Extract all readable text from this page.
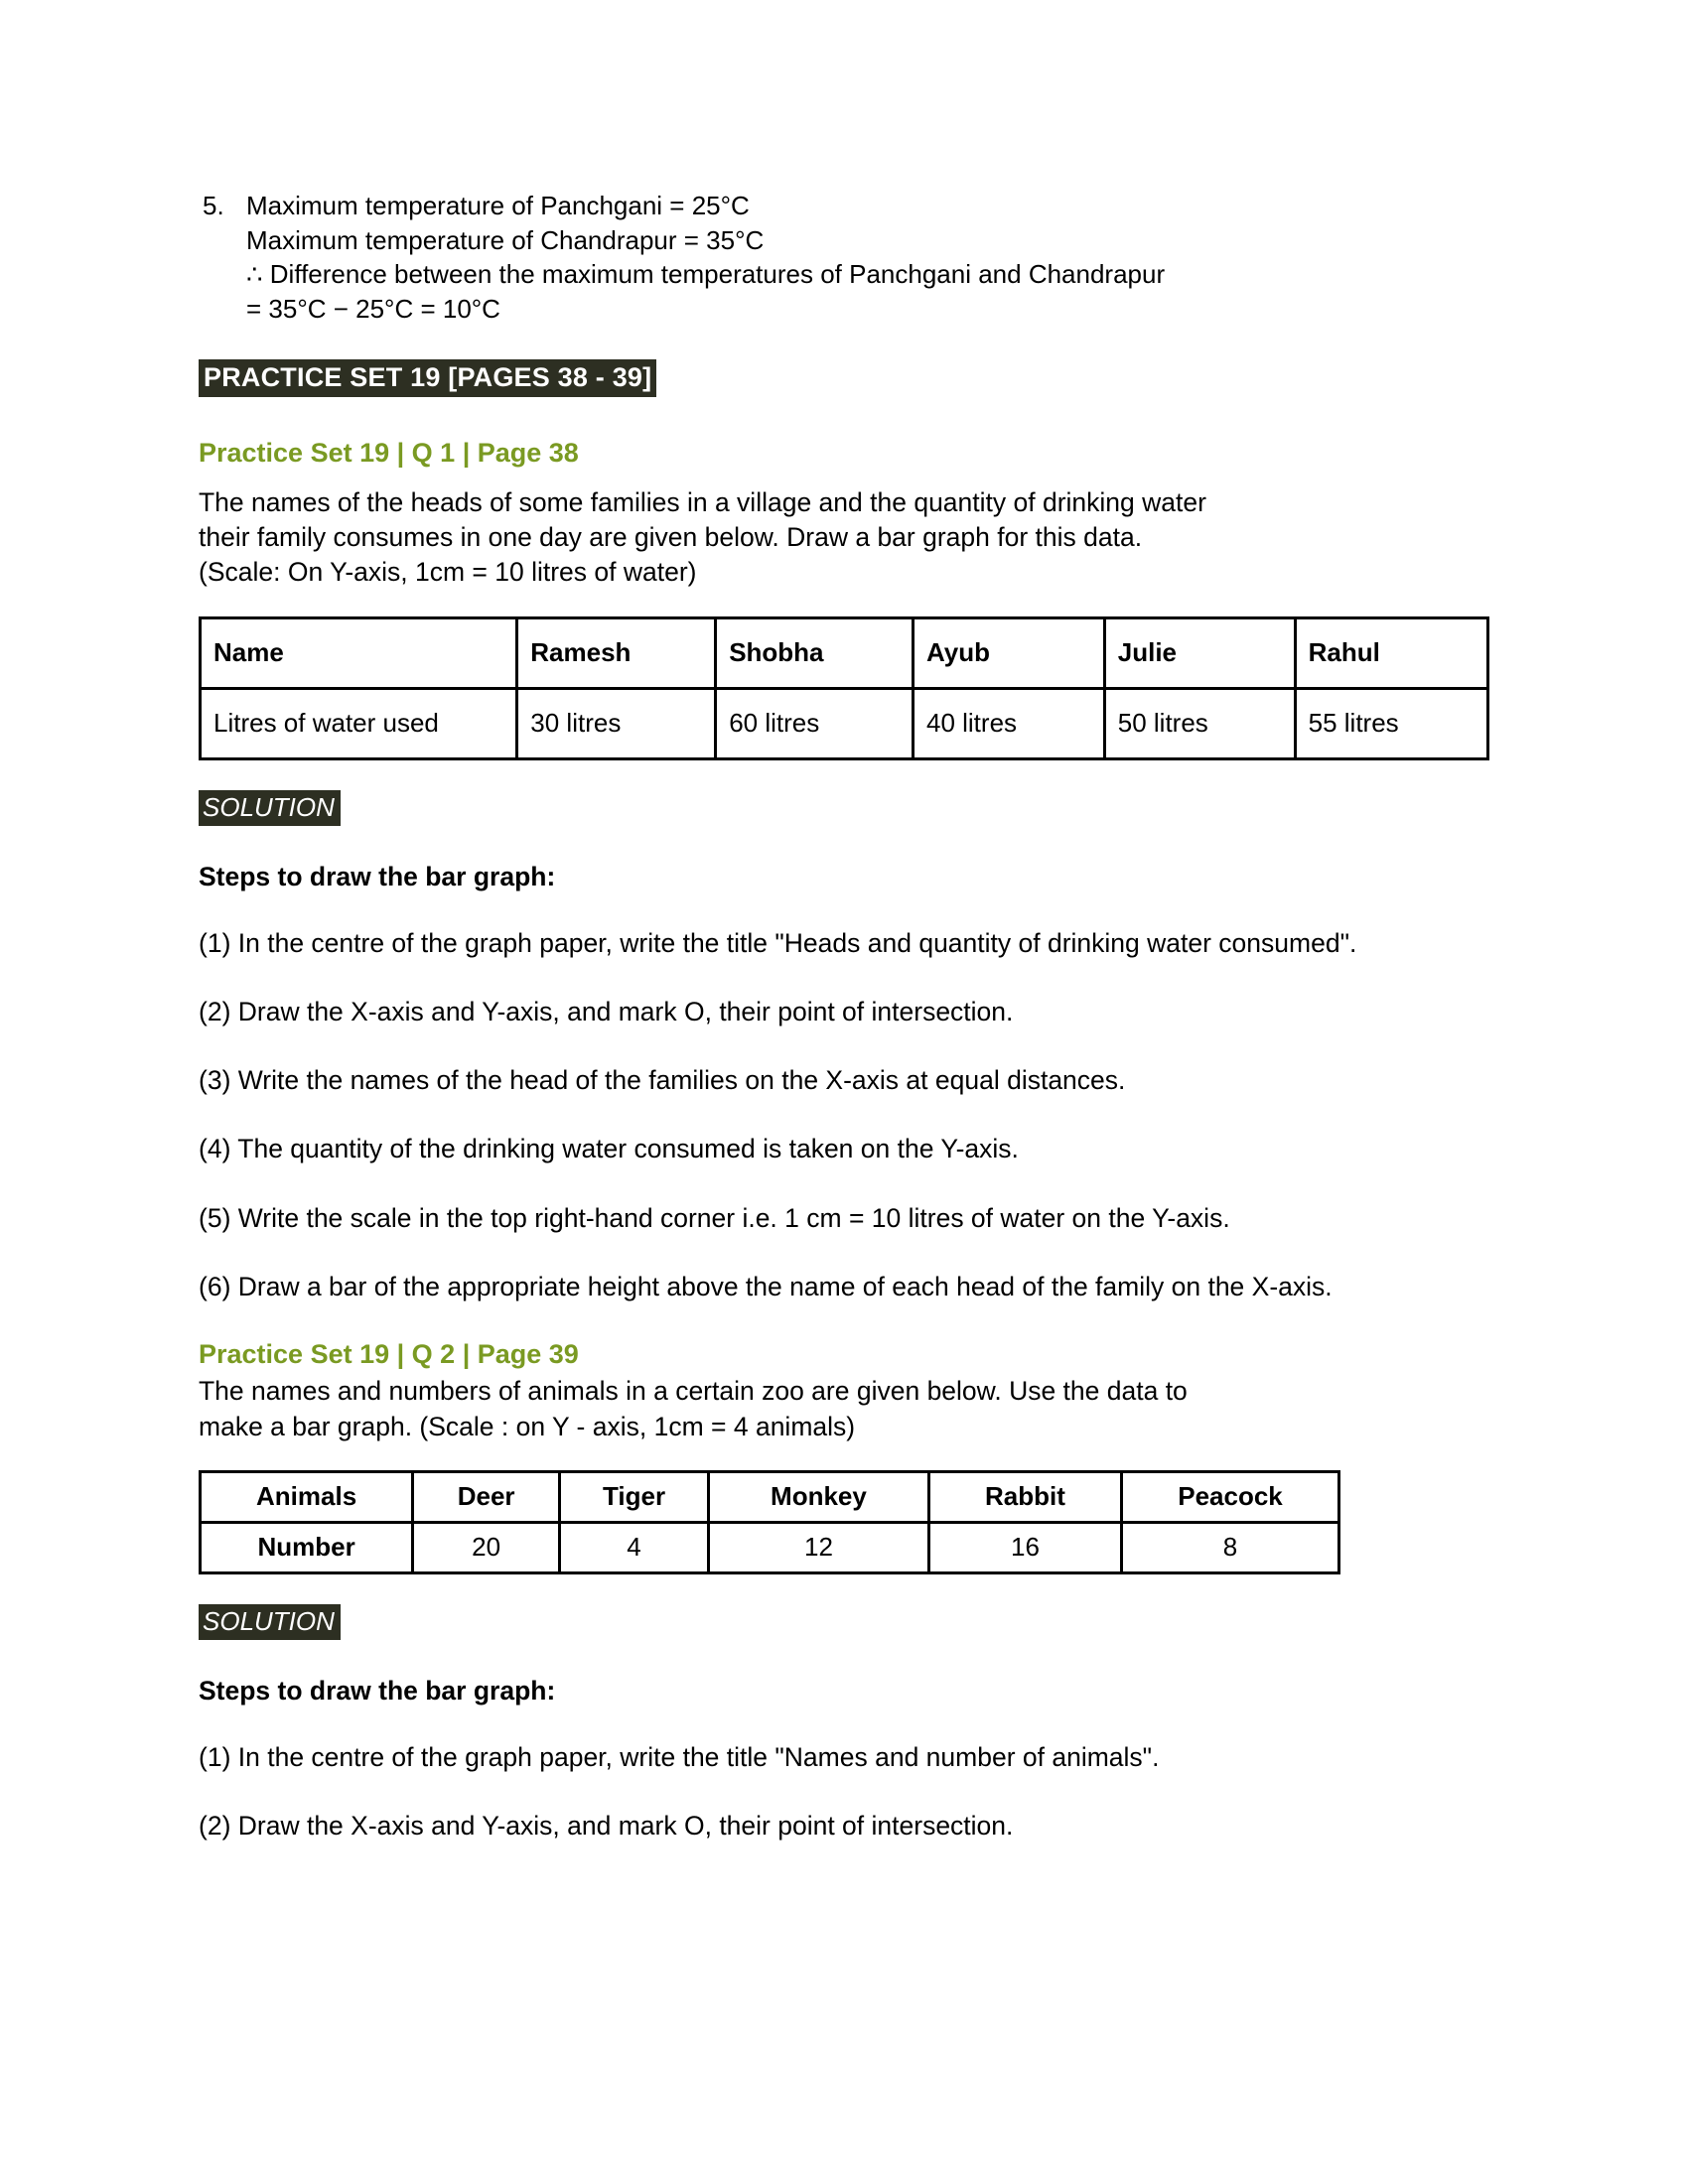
5. Maximum temperature of Panchgani = 25°C
Maximum temperature of Chandrapur = 35°C
∴ Difference between the maximum temperatures of Panchgani and Chandrapur
= 35°C − 25°C = 10°C
PRACTICE SET 19 [PAGES 38 - 39]
Practice Set 19 | Q 1 | Page 38
The names of the heads of some families in a village and the quantity of drinking water
their family consumes in one day are given below. Draw a bar graph for this data.
(Scale: On Y-axis, 1cm = 10 litres of water)
Name	Ramesh	Shobha	Ayub	Julie	Rahul
Litres of water used	30 litres	60 litres	40 litres	50 litres	55 litres
SOLUTION
Steps to draw the bar graph:
(1) In the centre of the graph paper, write the title "Heads and quantity of drinking water consumed".
(2) Draw the X-axis and Y-axis, and mark O, their point of intersection.
(3) Write the names of the head of the families on the X-axis at equal distances.
(4) The quantity of the drinking water consumed is taken on the Y-axis.
(5) Write the scale in the top right-hand corner i.e. 1 cm = 10 litres of water on the Y-axis.
(6) Draw a bar of the appropriate height above the name of each head of the family on the X-axis.
Practice Set 19 | Q 2 | Page 39
The names and numbers of animals in a certain zoo are given below. Use the data to
make a bar graph. (Scale : on Y - axis, 1cm = 4 animals)
Animals	Deer	Tiger	Monkey	Rabbit	Peacock
Number	20	4	12	16	8
SOLUTION
Steps to draw the bar graph:
(1) In the centre of the graph paper, write the title "Names and number of animals".
(2) Draw the X-axis and Y-axis, and mark O, their point of intersection.
